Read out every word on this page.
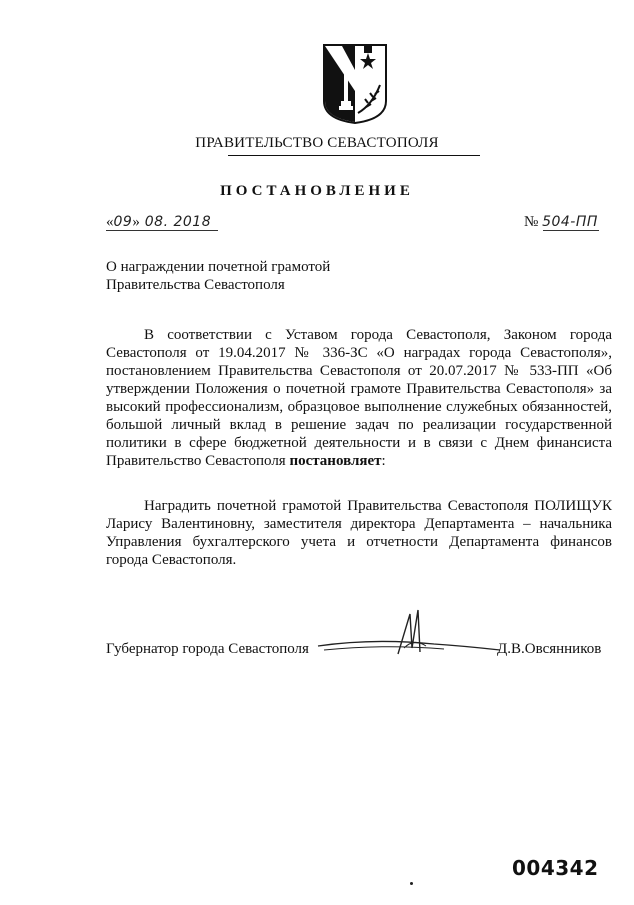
ПРАВИТЕЛЬСТВО СЕВАСТОПОЛЯ
ПОСТАНОВЛЕНИЕ
«09» 08. 2018	№ 504-ПП
О награждении почетной грамотой
Правительства Севастополя
В соответствии с Уставом города Севастополя, Законом города Севастополя от 19.04.2017 № 336-ЗС «О наградах города Севастополя», постановлением Правительства Севастополя от 20.07.2017 № 533-ПП «Об утверждении Положения о почетной грамоте Правительства Севастополя» за высокий профессионализм, образцовое выполнение служебных обязанностей, большой личный вклад в решение задач по реализации государственной политики в сфере бюджетной деятельности и в связи с Днем финансиста Правительство Севастополя постановляет:
Наградить почетной грамотой Правительства Севастополя ПОЛИЩУК Ларису Валентиновну, заместителя директора Департамента – начальника Управления бухгалтерского учета и отчетности Департамента финансов города Севастополя.
Губернатор города Севастополя	Д.В.Овсянников
004342
